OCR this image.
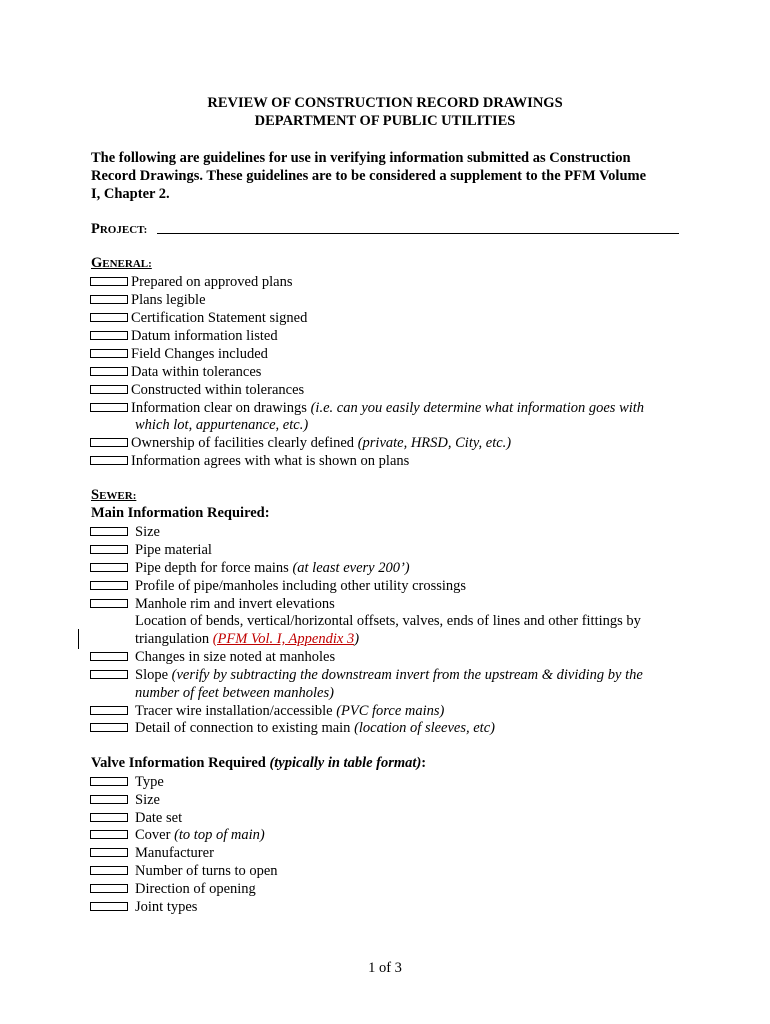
REVIEW OF CONSTRUCTION RECORD DRAWINGS
DEPARTMENT OF PUBLIC UTILITIES
The following are guidelines for use in verifying information submitted as Construction
Record Drawings. These guidelines are to be considered a supplement to the PFM Volume
I, Chapter 2.
PROJECT:
GENERAL:
Prepared on approved plans
Plans legible
Certification Statement signed
Datum information listed
Field Changes included
Data within tolerances
Constructed within tolerances
Information clear on drawings (i.e. can you easily determine what information goes with
which lot, appurtenance, etc.)
Ownership of facilities clearly defined (private, HRSD, City, etc.)
Information agrees with what is shown on plans
SEWER:
Main Information Required:
Size
Pipe material
Pipe depth for force mains (at least every 200’)
Profile of pipe/manholes including other utility crossings
Manhole rim and invert elevations
Location of bends, vertical/horizontal offsets, valves, ends of lines and other fittings by
triangulation (PFM Vol. I, Appendix 3)
Changes in size noted at manholes
Slope (verify by subtracting the downstream invert from the upstream & dividing by the
number of feet between manholes)
Tracer wire installation/accessible (PVC force mains)
Detail of connection to existing main (location of sleeves, etc)
Valve Information Required (typically in table format):
Type
Size
Date set
Cover (to top of main)
Manufacturer
Number of turns to open
Direction of opening
Joint types
1 of 3
